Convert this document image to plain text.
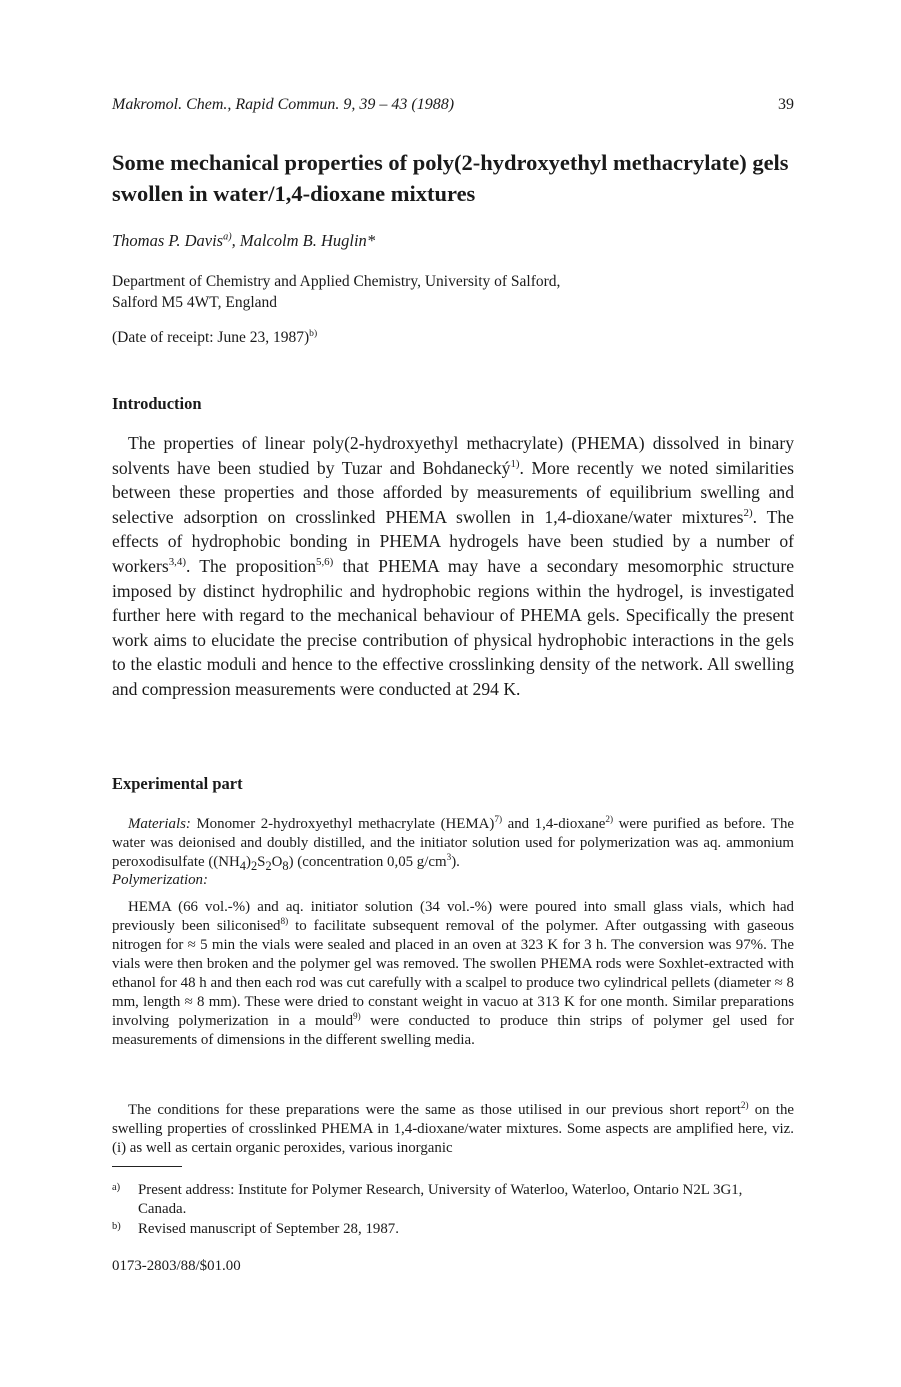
Makromol. Chem., Rapid Commun. 9, 39 – 43 (1988)	39
Some mechanical properties of poly(2-hydroxyethyl methacrylate) gels swollen in water/1,4-dioxane mixtures
Thomas P. Davis$^{a)}$, Malcolm B. Huglin*
Department of Chemistry and Applied Chemistry, University of Salford,
Salford M5 4WT, England
(Date of receipt: June 23, 1987)$^{b)}$
Introduction
The properties of linear poly(2-hydroxyethyl methacrylate) (PHEMA) dissolved in binary solvents have been studied by Tuzar and Bohdanecký$^{1)}$. More recently we noted similarities between these properties and those afforded by measurements of equilibrium swelling and selective adsorption on crosslinked PHEMA swollen in 1,4-dioxane/water mixtures$^{2)}$. The effects of hydrophobic bonding in PHEMA hydrogels have been studied by a number of workers$^{3,4)}$. The proposition$^{5,6)}$ that PHEMA may have a secondary mesomorphic structure imposed by distinct hydrophilic and hydrophobic regions within the hydrogel, is investigated further here with regard to the mechanical behaviour of PHEMA gels. Specifically the present work aims to elucidate the precise contribution of physical hydrophobic interactions in the gels to the elastic moduli and hence to the effective crosslinking density of the network. All swelling and compression measurements were conducted at 294 K.
Experimental part
Materials: Monomer 2-hydroxyethyl methacrylate (HEMA)$^{7)}$ and 1,4-dioxane$^{2)}$ were purified as before. The water was deionised and doubly distilled, and the initiator solution used for polymerization was aq. ammonium peroxodisulfate $((NH_4)_2S_2O_8)$ (concentration 0,05 $g/cm^3$).
Polymerization:
HEMA (66 vol.-%) and aq. initiator solution (34 vol.-%) were poured into small glass vials, which had previously been siliconised$^{8)}$ to facilitate subsequent removal of the polymer. After outgassing with gaseous nitrogen for ≈ 5 min the vials were sealed and placed in an oven at 323 K for 3 h. The conversion was 97%. The vials were then broken and the polymer gel was removed. The swollen PHEMA rods were Soxhlet-extracted with ethanol for 48 h and then each rod was cut carefully with a scalpel to produce two cylindrical pellets (diameter ≈ 8 mm, length ≈ 8 mm). These were dried to constant weight in vacuo at 313 K for one month. Similar preparations involving polymerization in a mould$^{9)}$ were conducted to produce thin strips of polymer gel used for measurements of dimensions in the different swelling media.
The conditions for these preparations were the same as those utilised in our previous short report$^{2)}$ on the swelling properties of crosslinked PHEMA in 1,4-dioxane/water mixtures. Some aspects are amplified here, viz. (i) as well as certain organic peroxides, various inorganic
a) Present address: Institute for Polymer Research, University of Waterloo, Waterloo, Ontario N2L 3G1, Canada.
b) Revised manuscript of September 28, 1987.
0173-2803/88/$01.00
